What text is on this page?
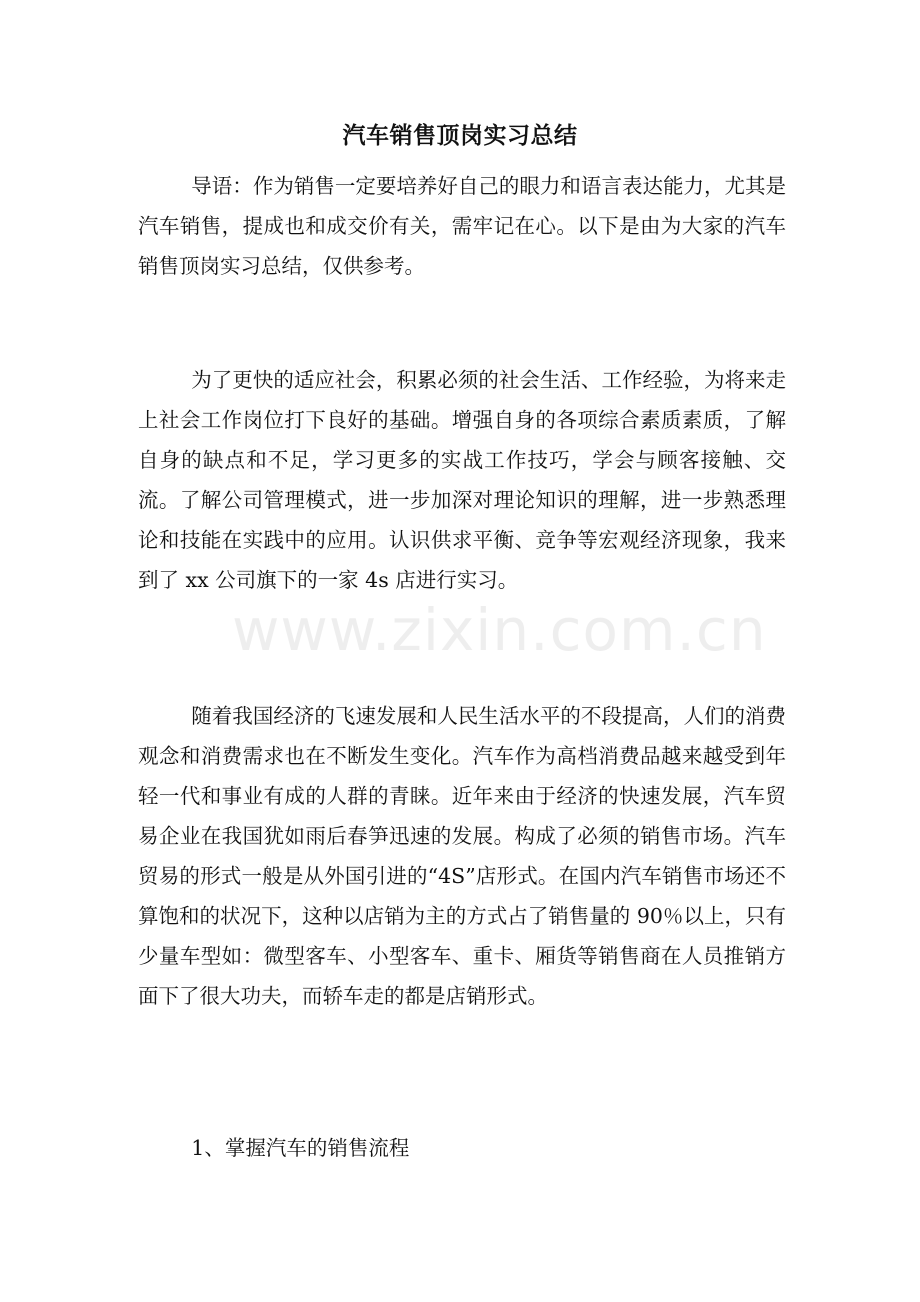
汽车销售顶岗实习总结

导语：作为销售一定要培养好自己的眼力和语言表达能力，尤其是汽车销售，提成也和成交价有关，需牢记在心。以下是由为大家的汽车销售顶岗实习总结，仅供参考。

为了更快的适应社会，积累必须的社会生活、工作经验，为将来走上社会工作岗位打下良好的基础。增强自身的各项综合素质素质，了解自身的缺点和不足，学习更多的实战工作技巧，学会与顾客接触、交流。了解公司管理模式，进一步加深对理论知识的理解，进一步熟悉理论和技能在实践中的应用。认识供求平衡、竞争等宏观经济现象，我来到了 xx 公司旗下的一家 4s 店进行实习。

随着我国经济的飞速发展和人民生活水平的不段提高，人们的消费观念和消费需求也在不断发生变化。汽车作为高档消费品越来越受到年轻一代和事业有成的人群的青睐。近年来由于经济的快速发展，汽车贸易企业在我国犹如雨后春笋迅速的发展。构成了必须的销售市场。汽车贸易的形式一般是从外国引进的“4S”店形式。在国内汽车销售市场还不算饱和的状况下，这种以店销为主的方式占了销售量的 90％以上，只有少量车型如：微型客车、小型客车、重卡、厢货等销售商在人员推销方面下了很大功夫，而轿车走的都是店销形式。

1、掌握汽车的销售流程

www.zixin.com.cn
